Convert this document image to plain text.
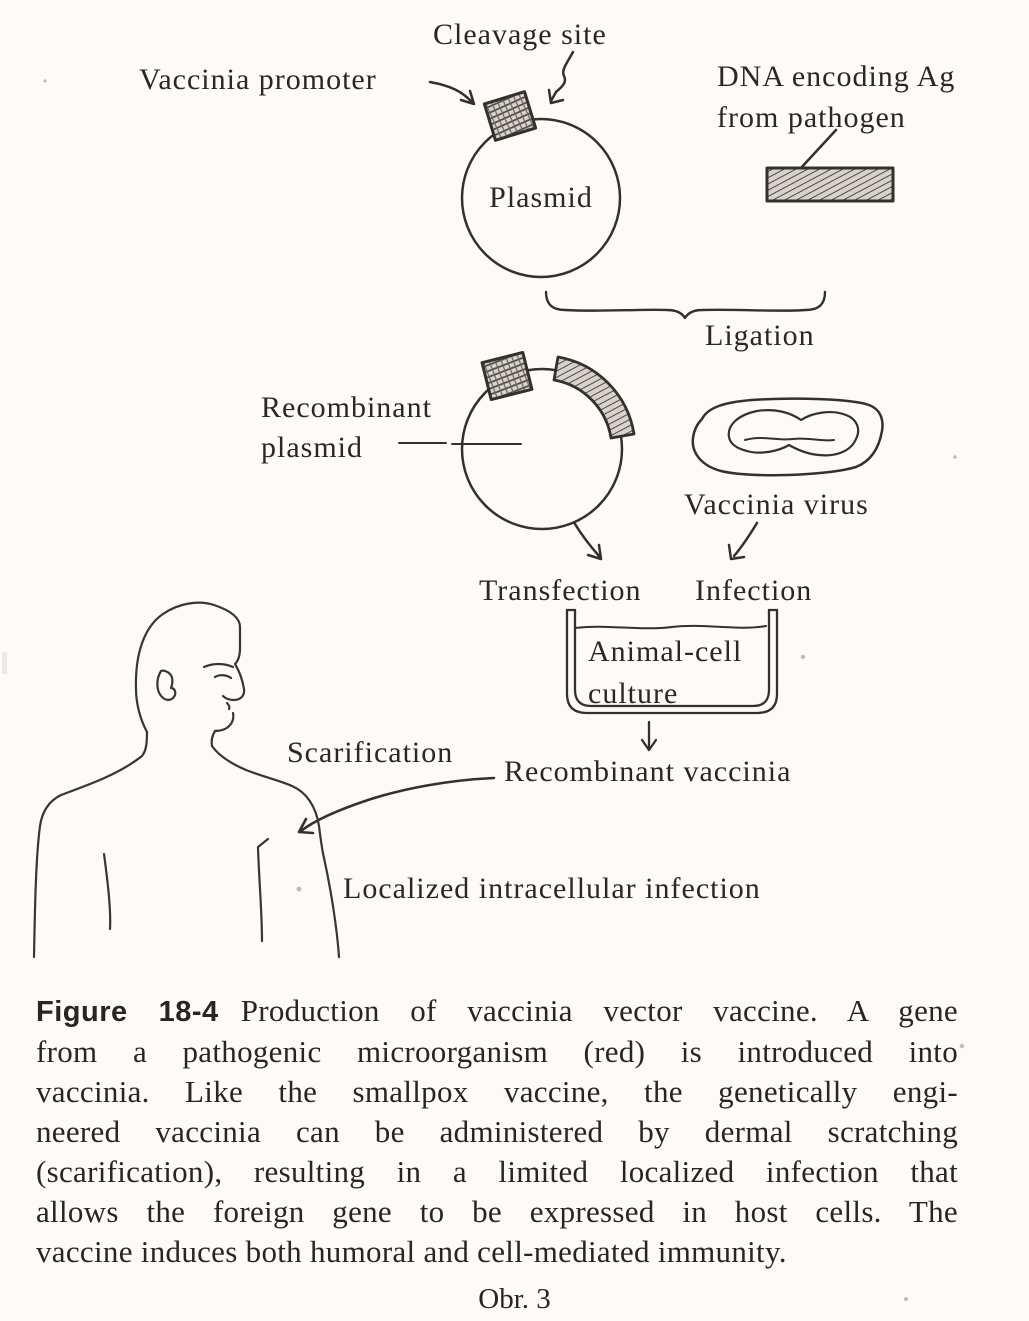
Cleavage site
Vaccinia promoter	DNA encoding Ag
from pathogen
Plasmid
Ligation
Recombinant
plasmid
Vaccinia virus
Transfection Infection
Animal-cell
culture
Recombinant vaccinia
Scarification
Localized intracellular infection
Figure 18-4 Production of vaccinia vector vaccine. A gene
from a pathogenic microorganism (red) is introduced into
vaccinia. Like the smallpox vaccine, the genetically engi-
neered vaccinia can be administered by dermal scratching
(scarification), resulting in a limited localized infection that
allows the foreign gene to be expressed in host cells. The
vaccine induces both humoral and cell-mediated immunity.
Obr. 3
